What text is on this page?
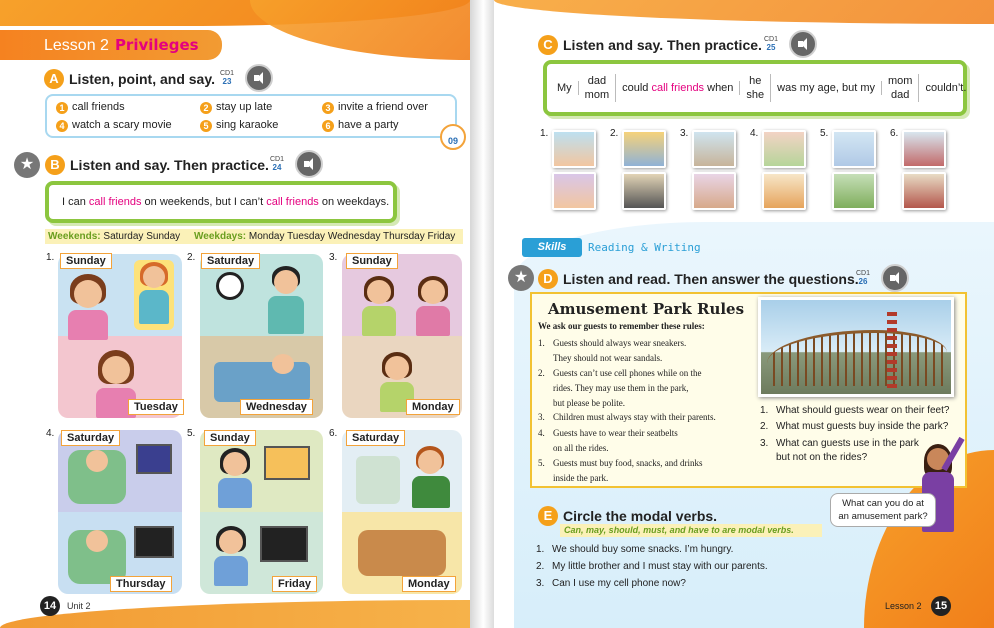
Lesson 2 Privileges
A Listen, point, and say. CD1
23
1 call friends	2 stay up late	3 invite a friend over
4 watch a scary movie	5 sing karaoke	6 have a party
09
★	B Listen and say. Then practice. CD1
24
I can call friends on weekends, but I can’t call friends on weekdays.
Weekends: Saturday Sunday Weekdays: Monday Tuesday Wednesday Thursday Friday
1.	Sunday
Tuesday
2.	Saturday
Wednesday
3.	Sunday
Monday
4.	Saturday
Thursday
5.	Sunday
Friday
6.	Saturday
Monday
14	Unit 2
C Listen and say. Then practice. CD1
25
My
dad
mom
could call friends when
he
she
was my age, but my
mom
dad
couldn’t.
1.	2.	3.	4.	5.	6.
Skills	Reading & Writing
★	D Listen and read. Then answer the questions.
CD1
26
Amusement Park Rules
We ask our guests to remember these rules:
1. Guests should always wear sneakers.
They should not wear sandals.
2. Guests can’t use cell phones while on the
rides. They may use them in the park,
but please be polite.
3. Children must always stay with their parents.
4. Guests have to wear their seatbelts
on all the rides.
5. Guests must buy food, snacks, and drinks
inside the park.
1. What should guests wear on their feet?
2. What must guests buy inside the park?
3. What can guests use in the park
but not on the rides?
What can you do at
an amusement park?
E Circle the modal verbs.
Can, may, should, must, and have to are modal verbs.
1. We should buy some snacks. I’m hungry.
2. My little brother and I must stay with our parents.
3. Can I use my cell phone now?
Lesson 2	15
